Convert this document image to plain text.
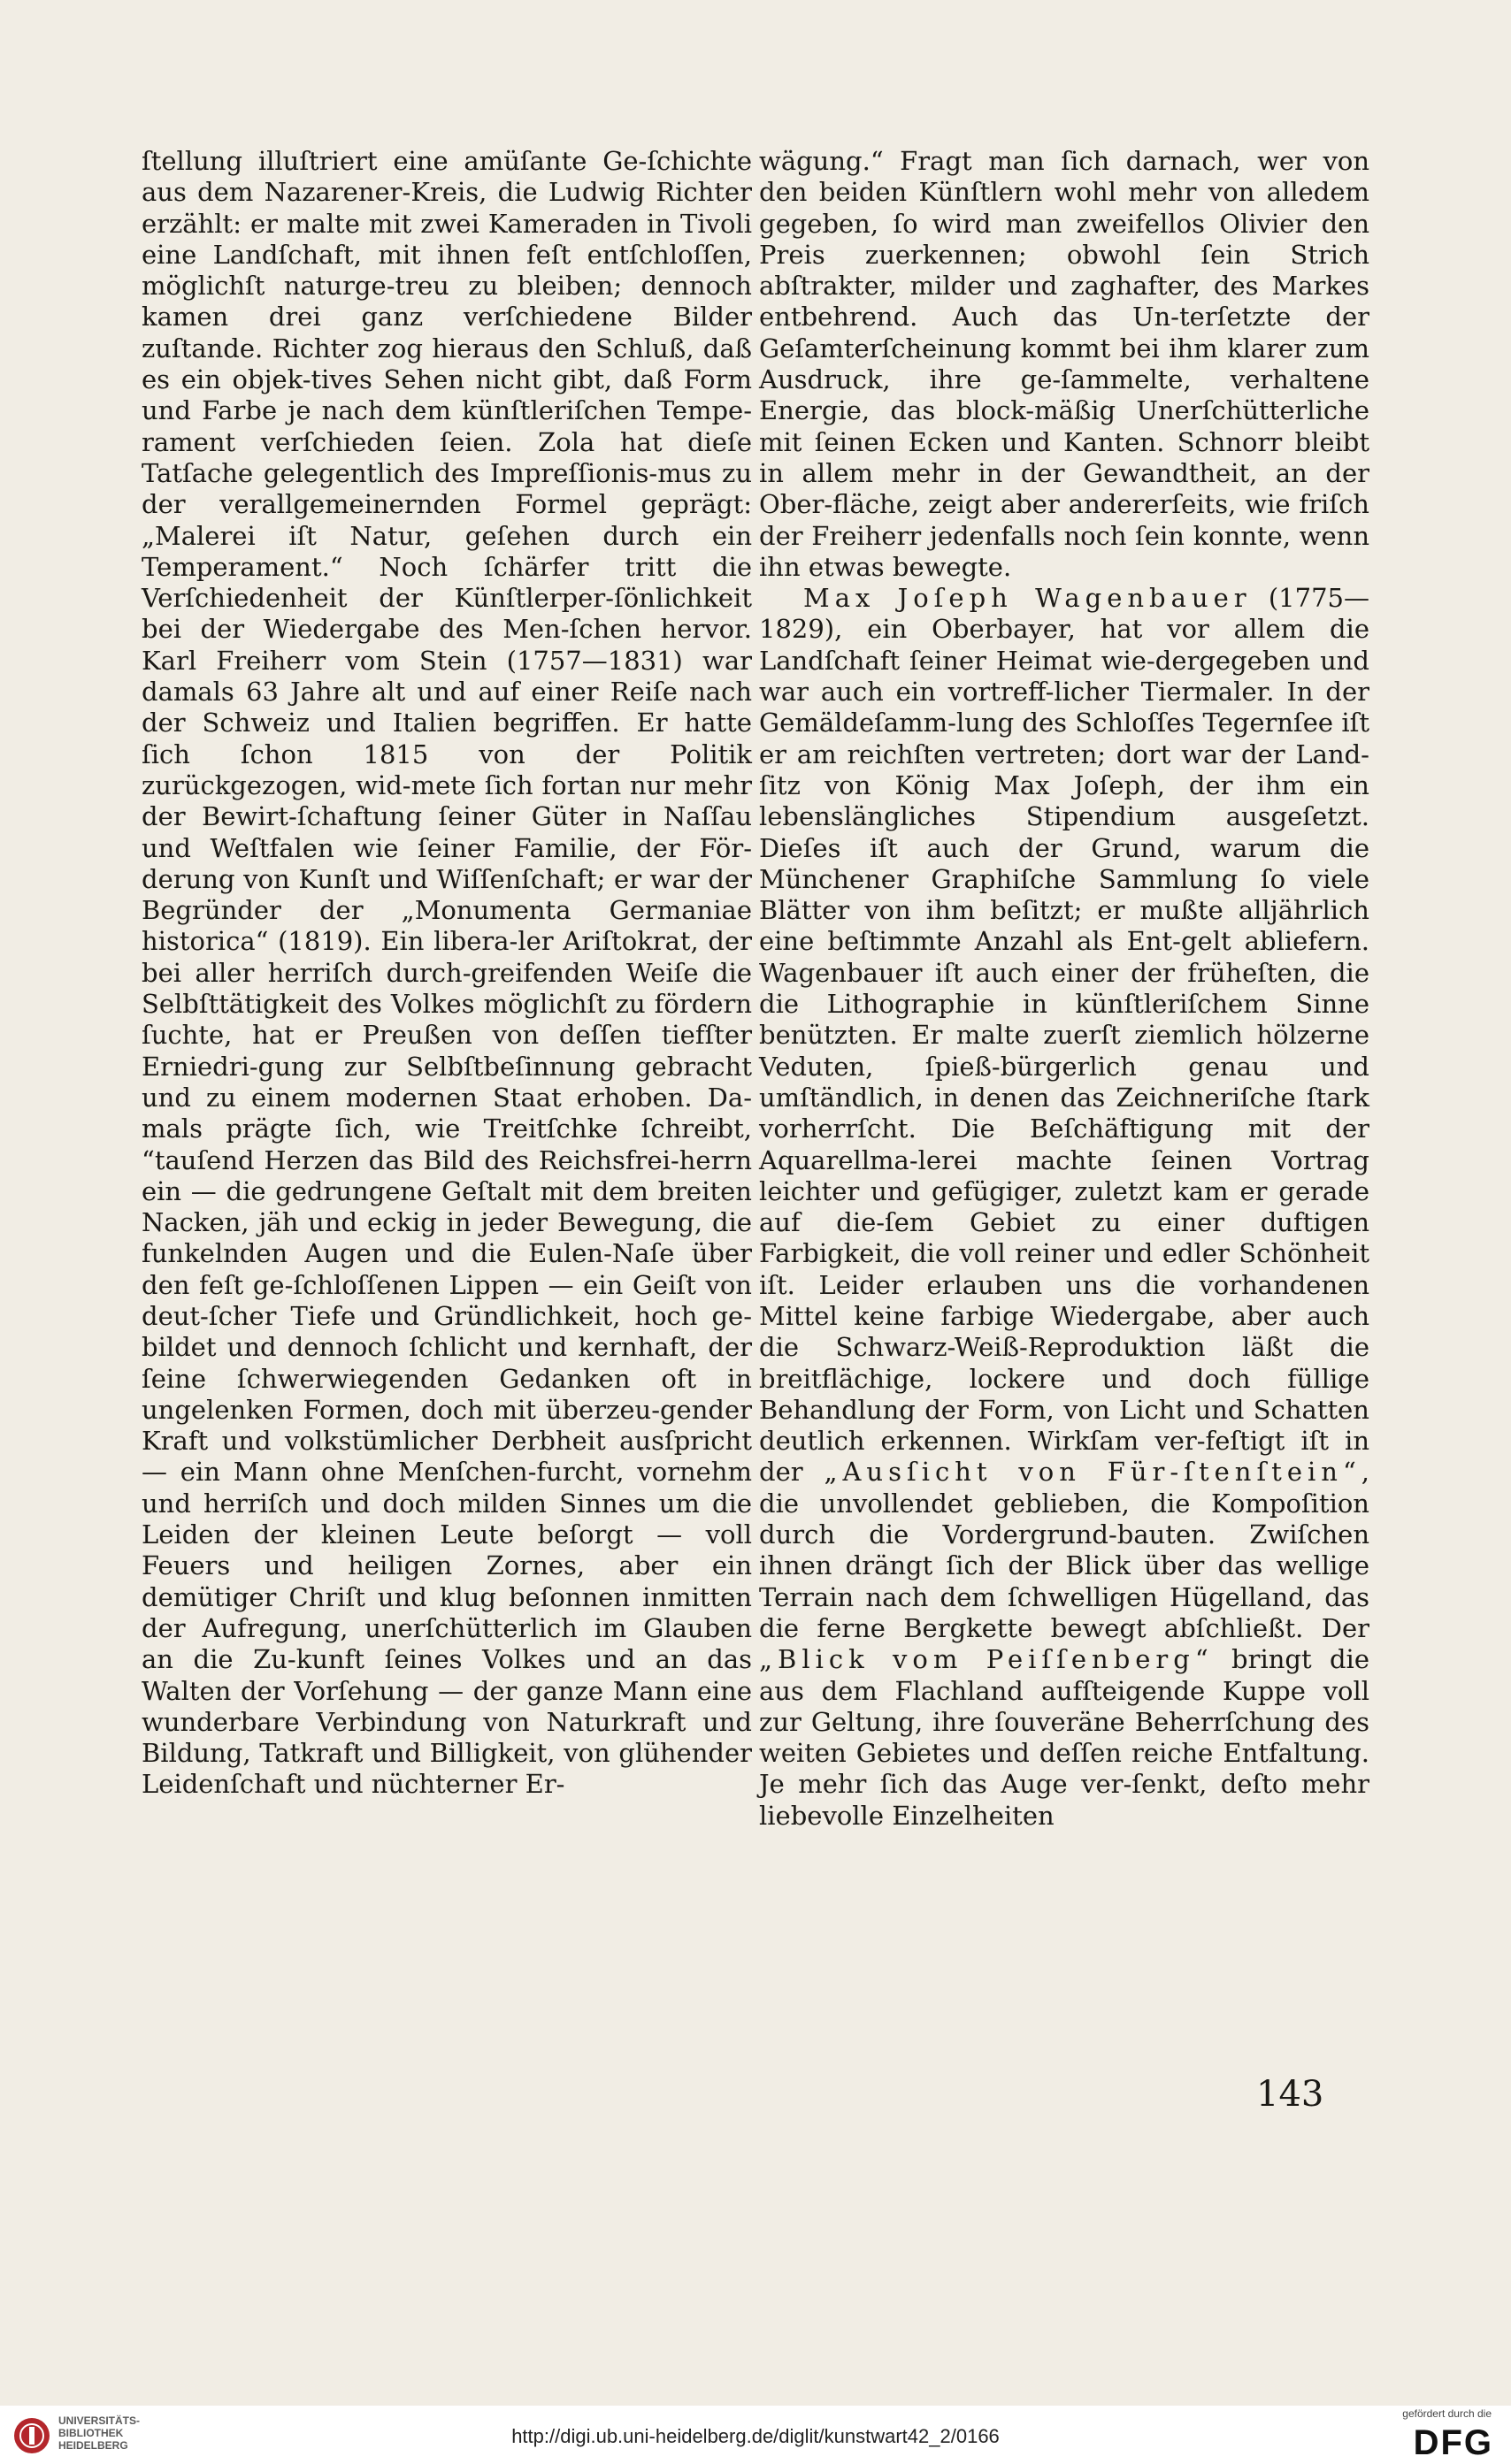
ſtellung illuſtriert eine amüſante Ge-ſchichte aus dem Nazarener-Kreis, die Ludwig Richter erzählt: er malte mit zwei Kameraden in Tivoli eine Landſchaft, mit ihnen feſt entſchloſſen, möglichſt naturge-treu zu bleiben; dennoch kamen drei ganz verſchiedene Bilder zuſtande. Richter zog hieraus den Schluß, daß es ein objek-tives Sehen nicht gibt, daß Form und Farbe je nach dem künſtleriſchen Tempe-rament verſchieden ſeien. Zola hat dieſe Tatſache gelegentlich des Impreſſionis-mus zu der verallgemeinernden Formel geprägt: „Malerei iſt Natur, geſehen durch ein Temperament.“ Noch ſchärfer tritt die Verſchiedenheit der Künſtlerper-ſönlichkeit bei der Wiedergabe des Men-ſchen hervor. Karl Freiherr vom Stein (1757—1831) war damals 63 Jahre alt und auf einer Reiſe nach der Schweiz und Italien begriffen. Er hatte ſich ſchon 1815 von der Politik zurückgezogen, wid-mete ſich fortan nur mehr der Bewirt-ſchaftung ſeiner Güter in Naſſau und Weſtfalen wie ſeiner Familie, der För-derung von Kunſt und Wiſſenſchaft; er war der Begründer der „Monumenta Germaniae historica“ (1819). Ein libera-ler Ariſtokrat, der bei aller herriſch durch-greifenden Weiſe die Selbſttätigkeit des Volkes möglichſt zu fördern ſuchte, hat er Preußen von deſſen tiefſter Erniedri-gung zur Selbſtbeſinnung gebracht und zu einem modernen Staat erhoben. Da-mals prägte ſich, wie Treitſchke ſchreibt, “tauſend Herzen das Bild des Reichsfrei-herrn ein — die gedrungene Geſtalt mit dem breiten Nacken, jäh und eckig in jeder Bewegung, die funkelnden Augen und die Eulen-Naſe über den feſt ge-ſchloſſenen Lippen — ein Geiſt von deut-ſcher Tiefe und Gründlichkeit, hoch ge-bildet und dennoch ſchlicht und kernhaft, der ſeine ſchwerwiegenden Gedanken oft in ungelenken Formen, doch mit überzeu-gender Kraft und volkstümlicher Derbheit ausſpricht — ein Mann ohne Menſchen-furcht, vornehm und herriſch und doch milden Sinnes um die Leiden der kleinen Leute beſorgt — voll Feuers und heiligen Zornes, aber ein demütiger Chriſt und klug beſonnen inmitten der Aufregung, unerſchütterlich im Glauben an die Zu-kunft ſeines Volkes und an das Walten der Vorſehung — der ganze Mann eine wunderbare Verbindung von Naturkraft und Bildung, Tatkraft und Billigkeit, von glühender Leidenſchaft und nüchterner Er-

wägung.“ Fragt man ſich darnach, wer von den beiden Künſtlern wohl mehr von alledem gegeben, ſo wird man zweifellos Olivier den Preis zuerkennen; obwohl ſein Strich abſtrakter, milder und zaghafter, des Markes entbehrend. Auch das Un-terſetzte der Geſamterſcheinung kommt bei ihm klarer zum Ausdruck, ihre ge-ſammelte, verhaltene Energie, das block-mäßig Unerſchütterliche mit ſeinen Ecken und Kanten. Schnorr bleibt in allem mehr in der Gewandtheit, an der Ober-fläche, zeigt aber andererſeits, wie friſch der Freiherr jedenfalls noch ſein konnte, wenn ihn etwas bewegte.

Max Joſeph Wagenbauer (1775—1829), ein Oberbayer, hat vor allem die Landſchaft ſeiner Heimat wie-dergegeben und war auch ein vortreff-licher Tiermaler. In der Gemäldeſamm-lung des Schloſſes Tegernſee iſt er am reichſten vertreten; dort war der Land-ſitz von König Max Joſeph, der ihm ein lebenslängliches Stipendium ausgeſetzt. Dieſes iſt auch der Grund, warum die Münchener Graphiſche Sammlung ſo viele Blätter von ihm beſitzt; er mußte alljährlich eine beſtimmte Anzahl als Ent-gelt abliefern. Wagenbauer iſt auch einer der früheſten, die die Lithographie in künſtleriſchem Sinne benützten. Er malte zuerſt ziemlich hölzerne Veduten, ſpieß-bürgerlich genau und umſtändlich, in denen das Zeichneriſche ſtark vorherrſcht. Die Beſchäftigung mit der Aquarellma-lerei machte ſeinen Vortrag leichter und gefügiger, zuletzt kam er gerade auf die-ſem Gebiet zu einer duftigen Farbigkeit, die voll reiner und edler Schönheit iſt. Leider erlauben uns die vorhandenen Mittel keine farbige Wiedergabe, aber auch die Schwarz-Weiß-Reproduktion läßt die breitflächige, lockere und doch füllige Behandlung der Form, von Licht und Schatten deutlich erkennen. Wirkſam ver-feſtigt iſt in der „Ausſicht von Für-ſtenſtein“, die unvollendet geblieben, die Kompoſition durch die Vordergrund-bauten. Zwiſchen ihnen drängt ſich der Blick über das wellige Terrain nach dem ſchwelligen Hügelland, das die ferne Bergkette bewegt abſchließt. Der „Blick vom Peiſſenberg“ bringt die aus dem Flachland aufſteigende Kuppe voll zur Geltung, ihre ſouveräne Beherrſchung des weiten Gebietes und deſſen reiche Entfaltung. Je mehr ſich das Auge ver-ſenkt, deſto mehr liebevolle Einzelheiten

143
UNIVERSITÄTS-
BIBLIOTHEK
HEIDELBERG	http://digi.ub.uni-heidelberg.de/diglit/kunstwart42_2/0166
gefördert durch die
DFG
